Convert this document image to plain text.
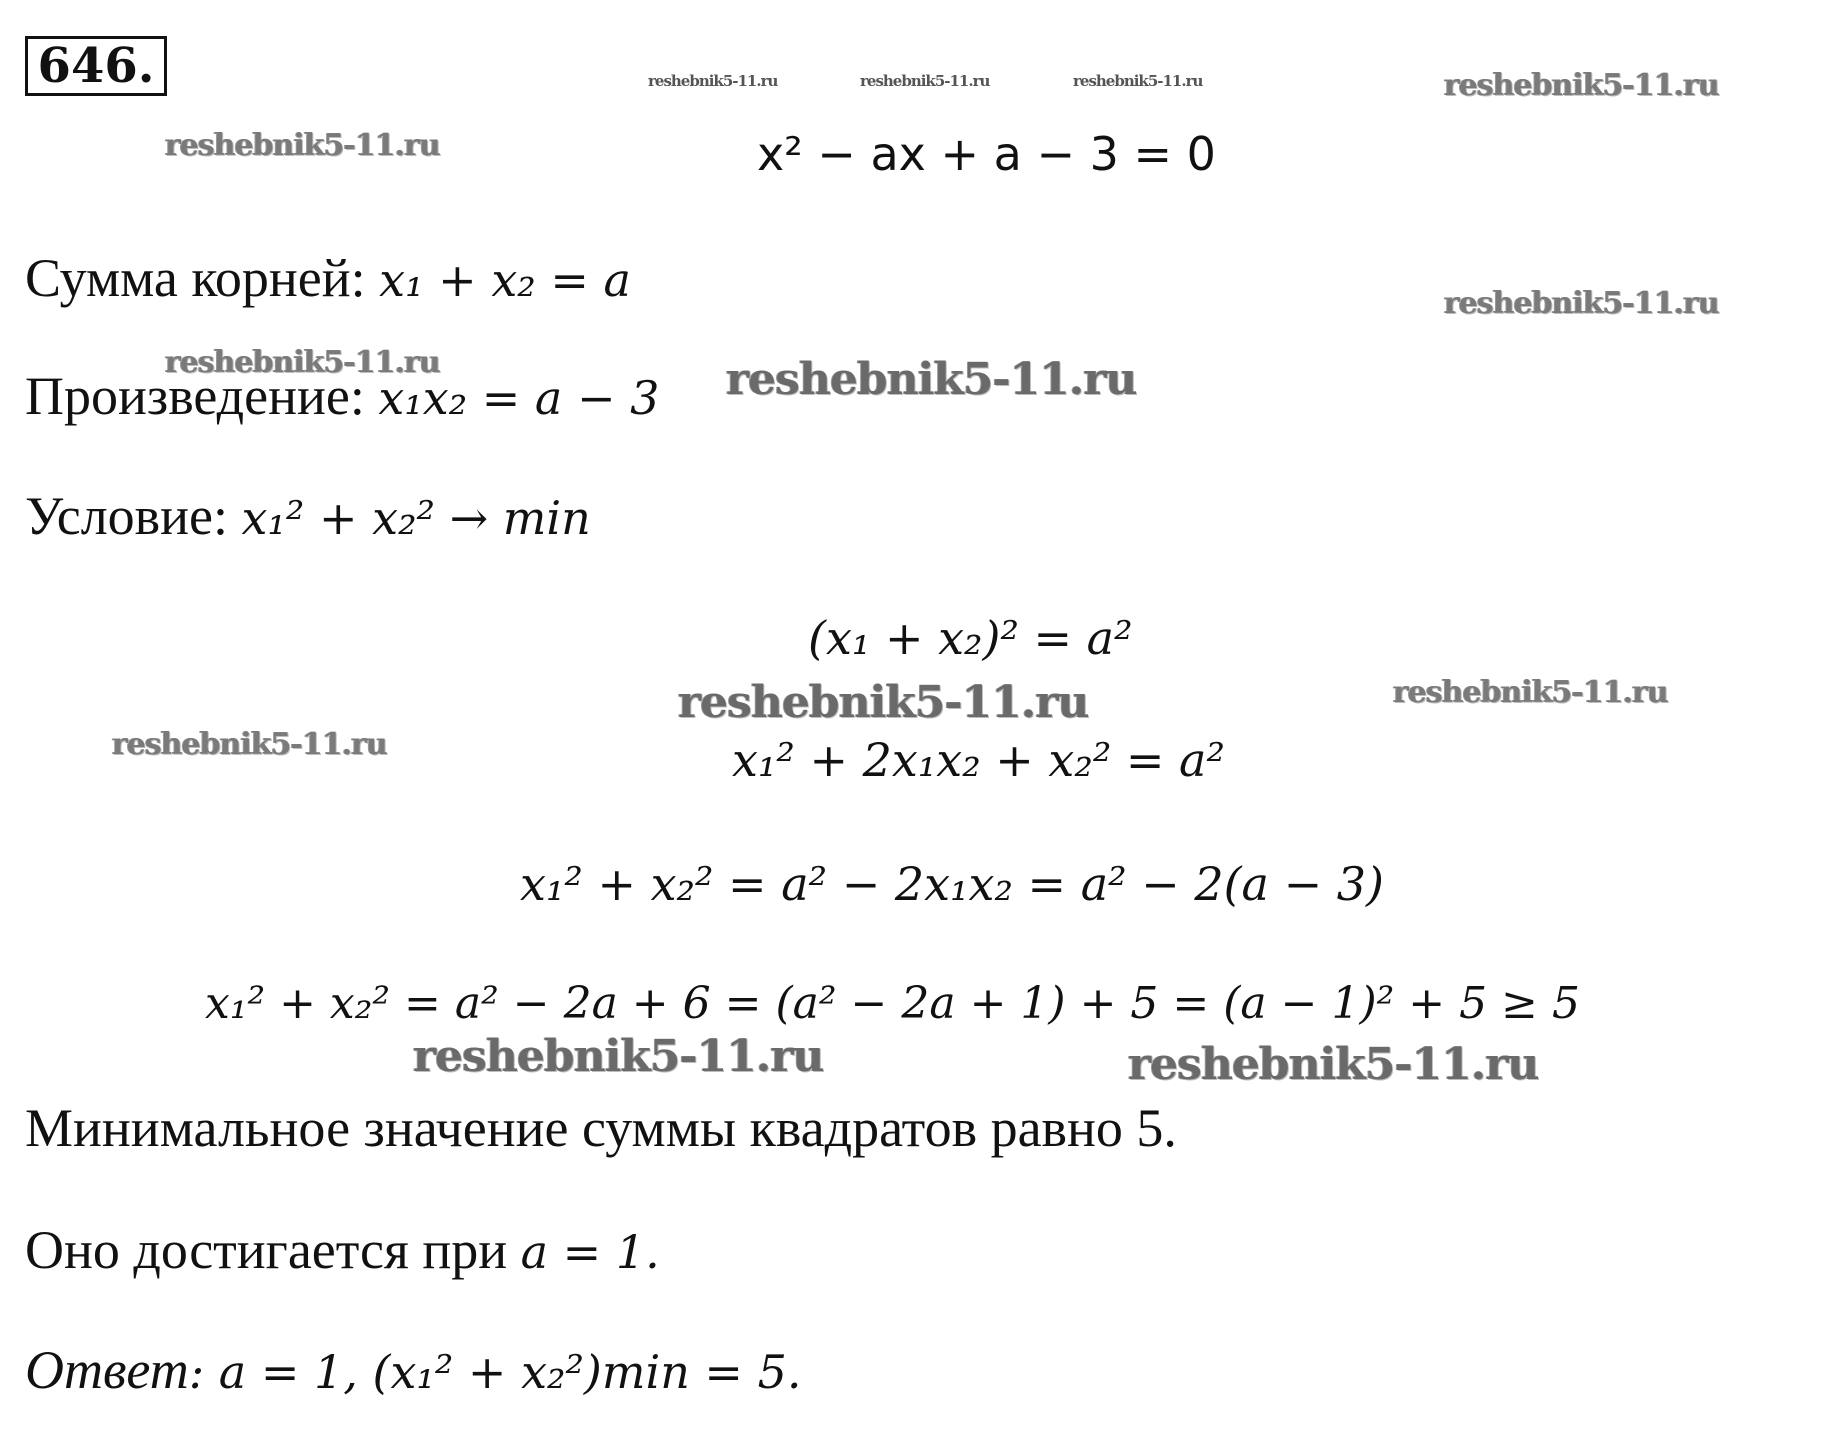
646.	reshebnik5-11.ru	reshebnik5-11.ru	reshebnik5-11.ru	reshebnik5-11.ru
reshebnik5-11.ru
reshebnik5-11.ru
reshebnik5-11.ru	reshebnik5-11.ru
reshebnik5-11.ru	reshebnik5-11.ru
reshebnik5-11.ru
reshebnik5-11.ru	reshebnik5-11.ru
x² − ax + a − 3 = 0
Сумма корней: x₁ + x₂ = a
Произведение: x₁x₂ = a − 3
Условие: x₁² + x₂² → min
(x₁ + x₂)² = a²
x₁² + 2x₁x₂ + x₂² = a²
x₁² + x₂² = a² − 2x₁x₂ = a² − 2(a − 3)
x₁² + x₂² = a² − 2a + 6 = (a² − 2a + 1) + 5 = (a − 1)² + 5 ≥ 5
Минимальное значение суммы квадратов равно 5.
Оно достигается при a = 1.
Ответ: a = 1, (x₁² + x₂²)min = 5.
